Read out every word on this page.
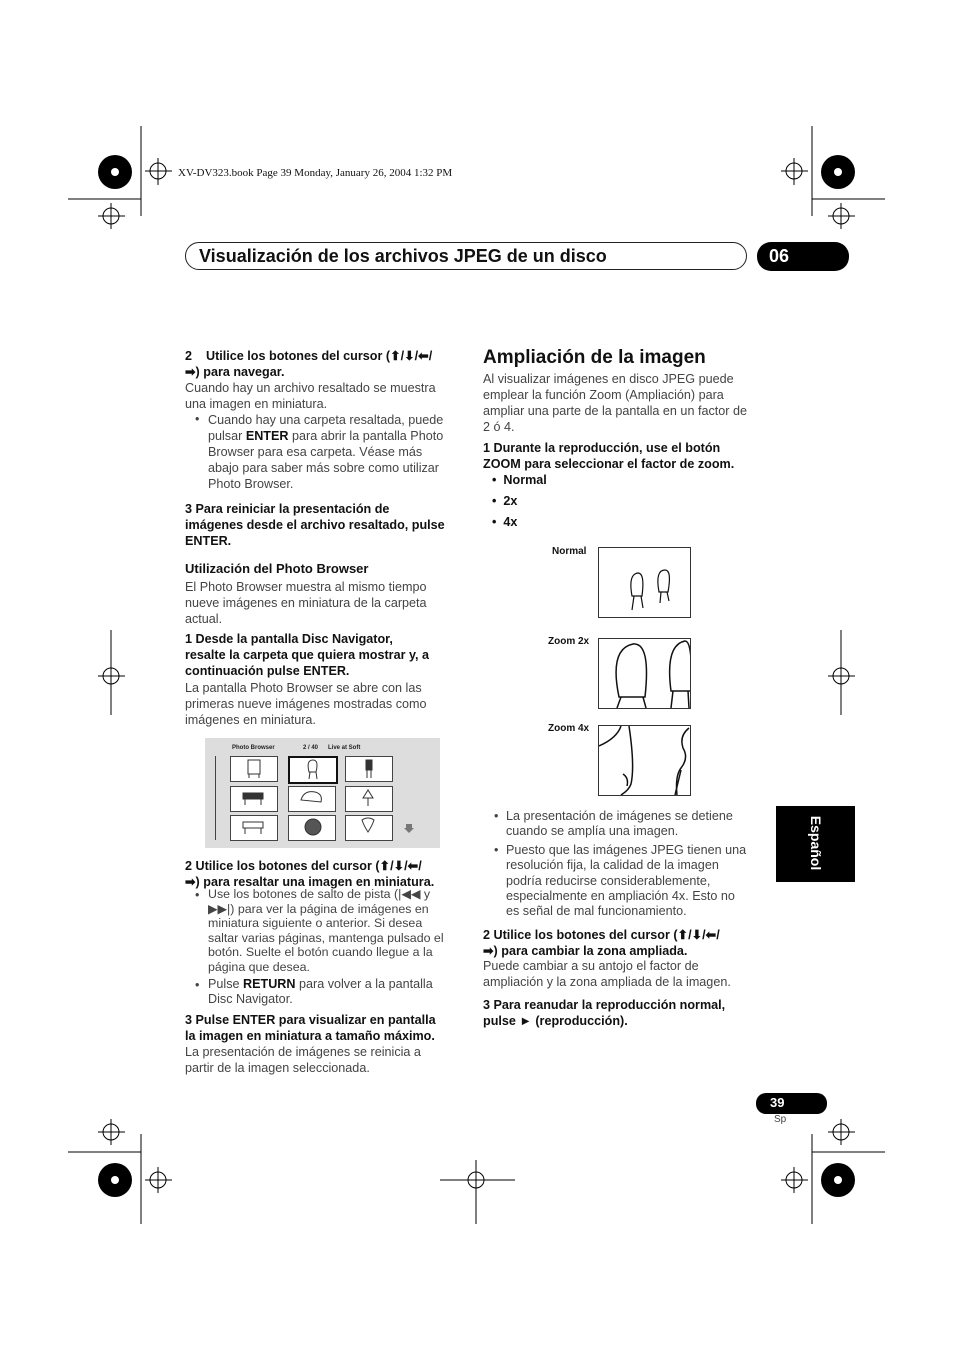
XV-DV323.book Page 39 Monday, January 26, 2004 1:32 PM
Visualización de los archivos JPEG de un disco	06
2 Utilice los botones del cursor (⬆/⬇/⬅/
➡) para navegar.
Cuando hay un archivo resaltado se muestra
una imagen en miniatura.
• Cuando hay una carpeta resaltada, puede
pulsar ENTER para abrir la pantalla Photo
Browser para esa carpeta. Véase más
abajo para saber más sobre como utilizar
Photo Browser.
3 Para reiniciar la presentación de
imágenes desde el archivo resaltado, pulse
ENTER.
Utilización del Photo Browser
El Photo Browser muestra al mismo tiempo
nueve imágenes en miniatura de la carpeta
actual.
1 Desde la pantalla Disc Navigator,
resalte la carpeta que quiera mostrar y, a
continuación pulse ENTER.
La pantalla Photo Browser se abre con las
primeras nueve imágenes mostradas como
imágenes en miniatura.
Photo Browser	2 / 40 Live at Soft
2 Utilice los botones del cursor (⬆/⬇/⬅/
➡) para resaltar una imagen en miniatura.
• Use los botones de salto de pista (|◀◀ y
▶▶|) para ver la página de imágenes en
miniatura siguiente o anterior. Si desea
saltar varias páginas, mantenga pulsado el
botón. Suelte el botón cuando llegue a la
página que desea.
• Pulse RETURN para volver a la pantalla
Disc Navigator.
3 Pulse ENTER para visualizar en pantalla
la imagen en miniatura a tamaño máximo.
La presentación de imágenes se reinicia a
partir de la imagen seleccionada.
Ampliación de la imagen
Al visualizar imágenes en disco JPEG puede
emplear la función Zoom (Ampliación) para
ampliar una parte de la pantalla en un factor de
2 ó 4.
1 Durante la reproducción, use el botón
ZOOM para seleccionar el factor de zoom.
•  Normal
•  2x
•  4x
Normal
Zoom 2x
Zoom 4x
• La presentación de imágenes se detiene
cuando se amplía una imagen.
• Puesto que las imágenes JPEG tienen una
resolución fija, la calidad de la imagen
podría reducirse considerablemente,
especialmente en ampliación 4x. Esto no
es señal de mal funcionamiento.
2 Utilice los botones del cursor (⬆/⬇/⬅/
➡) para cambiar la zona ampliada.
Puede cambiar a su antojo el factor de
ampliación y la zona ampliada de la imagen.
3 Para reanudar la reproducción normal,
pulse ► (reproducción).
Español
39
Sp
